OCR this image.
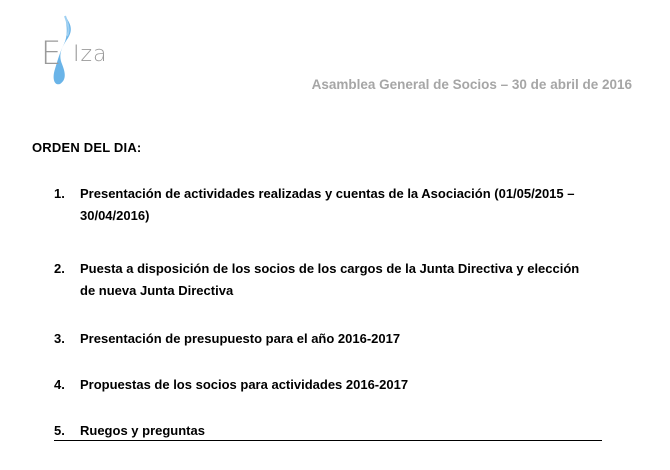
E Iza
Asamblea General de Socios – 30 de abril de 2016
ORDEN DEL DIA:
1. Presentación de actividades realizadas y cuentas de la Asociación (01/05/2015 –
30/04/2016)
2. Puesta a disposición de los socios de los cargos de la Junta Directiva y elección
de nueva Junta Directiva
3. Presentación de presupuesto para el año 2016-2017
4. Propuestas de los socios para actividades 2016-2017
5. Ruegos y preguntas
